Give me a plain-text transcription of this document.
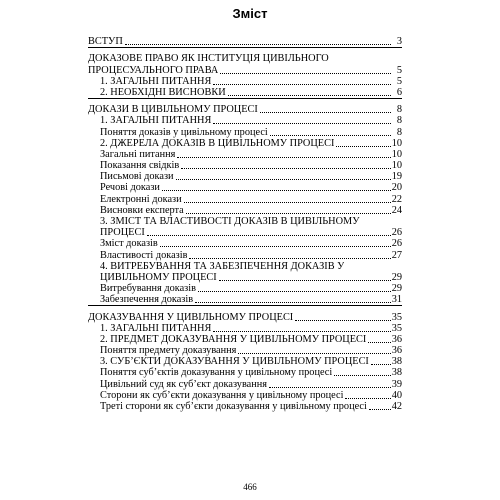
Зміст
ВСТУП	3
ДОКАЗОВЕ ПРАВО ЯК ІНСТИТУЦІЯ ЦИВІЛЬНОГО
ПРОЦЕСУАЛЬНОГО ПРАВА	5
1. ЗАГАЛЬНІ ПИТАННЯ	5
2. НЕОБХІДНІ ВИСНОВКИ	6
ДОКАЗИ В ЦИВІЛЬНОМУ ПРОЦЕСІ	8
1. ЗАГАЛЬНІ ПИТАННЯ	8
Поняття доказів у цивільному процесі	8
2. ДЖЕРЕЛА ДОКАЗІВ В ЦИВІЛЬНОМУ ПРОЦЕСІ	10
Загальні питання	10
Показання свідків	10
Письмові докази	19
Речові докази	20
Електронні докази	22
Висновки експерта	24
3. ЗМІСТ ТА ВЛАСТИВОСТІ ДОКАЗІВ В ЦИВІЛЬНОМУ
ПРОЦЕСІ	26
Зміст доказів	26
Властивості доказів	27
4. ВИТРЕБУВАННЯ ТА ЗАБЕЗПЕЧЕННЯ ДОКАЗІВ У
ЦИВІЛЬНОМУ ПРОЦЕСІ	29
Витребування доказів	29
Забезпечення доказів	31
ДОКАЗУВАННЯ У ЦИВІЛЬНОМУ ПРОЦЕСІ	35
1. ЗАГАЛЬНІ ПИТАННЯ	35
2. ПРЕДМЕТ ДОКАЗУВАННЯ У ЦИВІЛЬНОМУ ПРОЦЕСІ 36
Поняття предмету доказування	36
3. СУБ’ЄКТИ ДОКАЗУВАННЯ У ЦИВІЛЬНОМУ ПРОЦЕСІ 38
Поняття суб’єктів доказування у цивільному процесі	38
Цивільний суд як суб’єкт доказування	39
Сторони як суб’єкти доказування у цивільному процесі	40
Треті сторони як суб’єкти доказування у цивільному процесі 42
466
